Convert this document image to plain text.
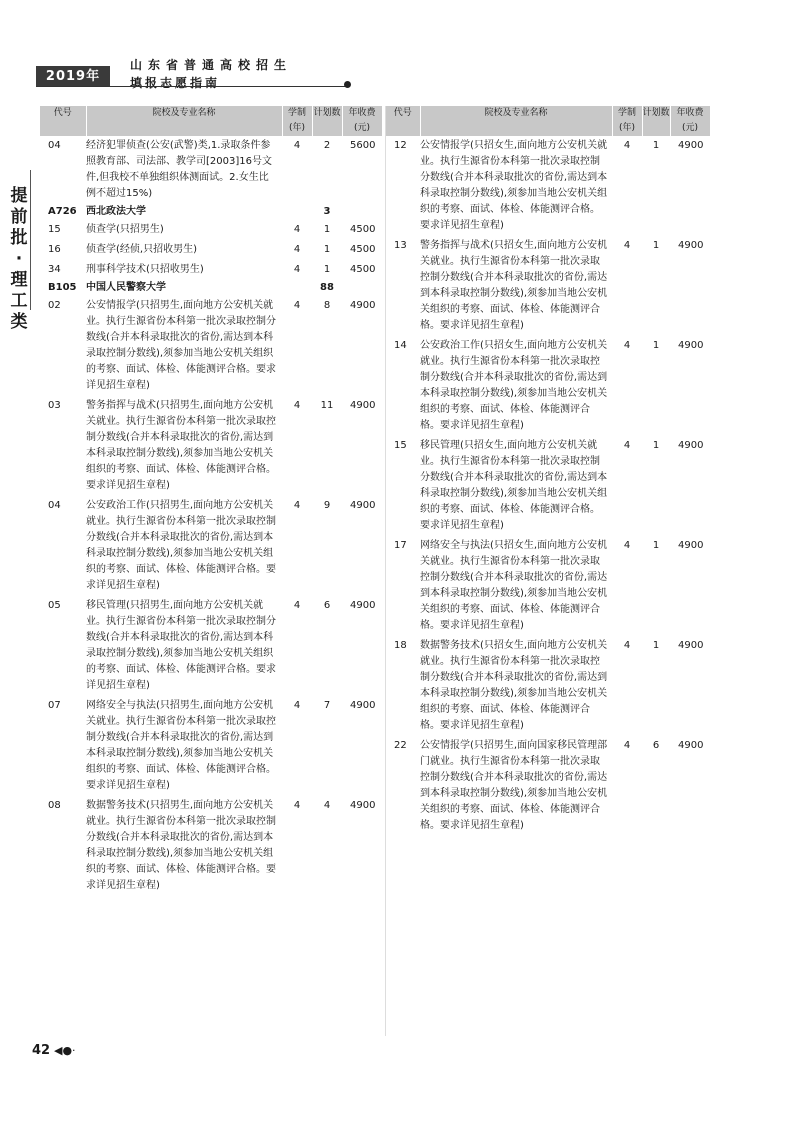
2019年
山东省普通高校招生
填报志愿指南
提
前
批
·
理
工
类
代号	院校及专业名称	学制(年)	计划数	年收费(元)
04	经济犯罪侦查(公安(武警)类,1.录取条件参照教育部、司法部、教学司[2003]16号文件,但我校不单独组织体测面试。2.女生比例不超过15%)	4	2	5600
A726	西北政法大学		3	
15	侦查学(只招男生)	4	1	4500
16	侦查学(经侦,只招收男生)	4	1	4500
34	刑事科学技术(只招收男生)	4	1	4500
B105	中国人民警察大学		88	
02	公安情报学(只招男生,面向地方公安机关就业。执行生源省份本科第一批次录取控制分数线(合并本科录取批次的省份,需达到本科录取控制分数线),须参加当地公安机关组织的考察、面试、体检、体能测评合格。要求详见招生章程)	4	8	4900
03	警务指挥与战术(只招男生,面向地方公安机关就业。执行生源省份本科第一批次录取控制分数线(合并本科录取批次的省份,需达到本科录取控制分数线),须参加当地公安机关组织的考察、面试、体检、体能测评合格。要求详见招生章程)	4	11	4900
04	公安政治工作(只招男生,面向地方公安机关就业。执行生源省份本科第一批次录取控制分数线(合并本科录取批次的省份,需达到本科录取控制分数线),须参加当地公安机关组织的考察、面试、体检、体能测评合格。要求详见招生章程)	4	9	4900
05	移民管理(只招男生,面向地方公安机关就业。执行生源省份本科第一批次录取控制分数线(合并本科录取批次的省份,需达到本科录取控制分数线),须参加当地公安机关组织的考察、面试、体检、体能测评合格。要求详见招生章程)	4	6	4900
07	网络安全与执法(只招男生,面向地方公安机关就业。执行生源省份本科第一批次录取控制分数线(合并本科录取批次的省份,需达到本科录取控制分数线),须参加当地公安机关组织的考察、面试、体检、体能测评合格。要求详见招生章程)	4	7	4900
08	数据警务技术(只招男生,面向地方公安机关就业。执行生源省份本科第一批次录取控制分数线(合并本科录取批次的省份,需达到本科录取控制分数线),须参加当地公安机关组织的考察、面试、体检、体能测评合格。要求详见招生章程)	4	4	4900
代号	院校及专业名称	学制(年)	计划数	年收费(元)
12	公安情报学(只招女生,面向地方公安机关就业。执行生源省份本科第一批次录取控制分数线(合并本科录取批次的省份,需达到本科录取控制分数线),须参加当地公安机关组织的考察、面试、体检、体能测评合格。要求详见招生章程)	4	1	4900
13	警务指挥与战术(只招女生,面向地方公安机关就业。执行生源省份本科第一批次录取控制分数线(合并本科录取批次的省份,需达到本科录取控制分数线),须参加当地公安机关组织的考察、面试、体检、体能测评合格。要求详见招生章程)	4	1	4900
14	公安政治工作(只招女生,面向地方公安机关就业。执行生源省份本科第一批次录取控制分数线(合并本科录取批次的省份,需达到本科录取控制分数线),须参加当地公安机关组织的考察、面试、体检、体能测评合格。要求详见招生章程)	4	1	4900
15	移民管理(只招女生,面向地方公安机关就业。执行生源省份本科第一批次录取控制分数线(合并本科录取批次的省份,需达到本科录取控制分数线),须参加当地公安机关组织的考察、面试、体检、体能测评合格。要求详见招生章程)	4	1	4900
17	网络安全与执法(只招女生,面向地方公安机关就业。执行生源省份本科第一批次录取控制分数线(合并本科录取批次的省份,需达到本科录取控制分数线),须参加当地公安机关组织的考察、面试、体检、体能测评合格。要求详见招生章程)	4	1	4900
18	数据警务技术(只招女生,面向地方公安机关就业。执行生源省份本科第一批次录取控制分数线(合并本科录取批次的省份,需达到本科录取控制分数线),须参加当地公安机关组织的考察、面试、体检、体能测评合格。要求详见招生章程)	4	1	4900
22	公安情报学(只招男生,面向国家移民管理部门就业。执行生源省份本科第一批次录取控制分数线(合并本科录取批次的省份,需达到本科录取控制分数线),须参加当地公安机关组织的考察、面试、体检、体能测评合格。要求详见招生章程)	4	6	4900
42 ◀●·
